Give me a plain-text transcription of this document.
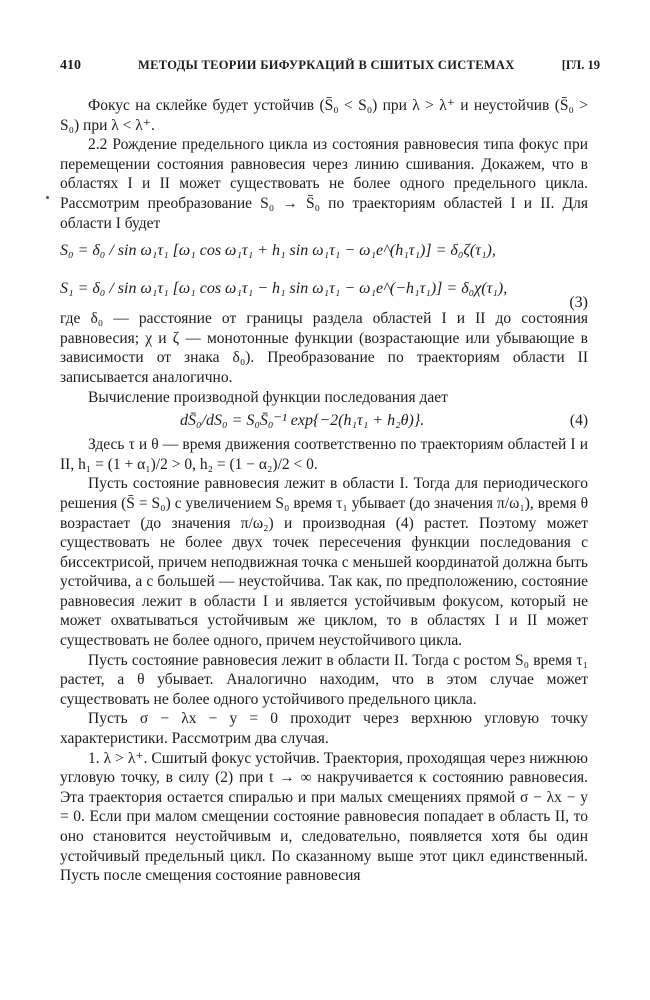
410	МЕТОДЫ ТЕОРИИ БИФУРКАЦИЙ В СШИТЫХ СИСТЕМАХ	[ГЛ. 19

Фокус на склейке будет устойчив (S̄₀ < S₀) при λ > λ⁺ и неустойчив (S̄₀ > S₀) при λ < λ⁺.

2.2 Рождение предельного цикла из состояния равновесия типа фокус при перемещении состояния равновесия через линию сшивания. Докажем, что в областях I и II может существовать не более одного предельного цикла. Рассмотрим преобразование S₀ → S̄₀ по траекториям областей I и II. Для области I будет

S₀ = δ₀ / sin ω₁τ₁ [ω₁ cos ω₁τ₁ + h₁ sin ω₁τ₁ − ω₁e^(h₁τ₁)] = δ₀ζ(τ₁),
S₁ = δ₀ / sin ω₁τ₁ [ω₁ cos ω₁τ₁ − h₁ sin ω₁τ₁ − ω₁e^(−h₁τ₁)] = δ₀χ(τ₁),
(3)

где δ₀ — расстояние от границы раздела областей I и II до состояния равновесия; χ и ζ — монотонные функции (возрастающие или убывающие в зависимости от знака δ₀). Преобразование по траекториям области II записывается аналогично.

Вычисление производной функции последования дает

dS̄₀/dS₀ = S₀S̄₀⁻¹ exp{−2(h₁τ₁ + h₂θ)}.	(4)

Здесь τ и θ — время движения соответственно по траекториям областей I и II, h₁ = (1 + α₁)/2 > 0, h₂ = (1 − α₂)/2 < 0.

Пусть состояние равновесия лежит в области I. Тогда для периодического решения (S̄ = S₀) с увеличением S₀ время τ₁ убывает (до значения π/ω₁), время θ возрастает (до значения π/ω₂) и производная (4) растет. Поэтому может существовать не более двух точек пересечения функции последования с биссектрисой, причем неподвижная точка с меньшей координатой должна быть устойчива, а с большей — неустойчива. Так как, по предположению, состояние равновесия лежит в области I и является устойчивым фокусом, который не может охватываться устойчивым же циклом, то в областях I и II может существовать не более одного, причем неустойчивого цикла.

Пусть состояние равновесия лежит в области II. Тогда с ростом S₀ время τ₁ растет, а θ убывает. Аналогично находим, что в этом случае может существовать не более одного устойчивого предельного цикла.

Пусть σ − λx − y = 0 проходит через верхнюю угловую точку характеристики. Рассмотрим два случая.

1. λ > λ⁺. Сшитый фокус устойчив. Траектория, проходящая через нижнюю угловую точку, в силу (2) при t → ∞ накручивается к состоянию равновесия. Эта траектория остается спиралью и при малых смещениях прямой σ − λx − y = 0. Если при малом смещении состояние равновесия попадает в область II, то оно становится неустойчивым и, следовательно, появляется хотя бы один устойчивый предельный цикл. По сказанному выше этот цикл единственный. Пусть после смещения состояние равновесия
